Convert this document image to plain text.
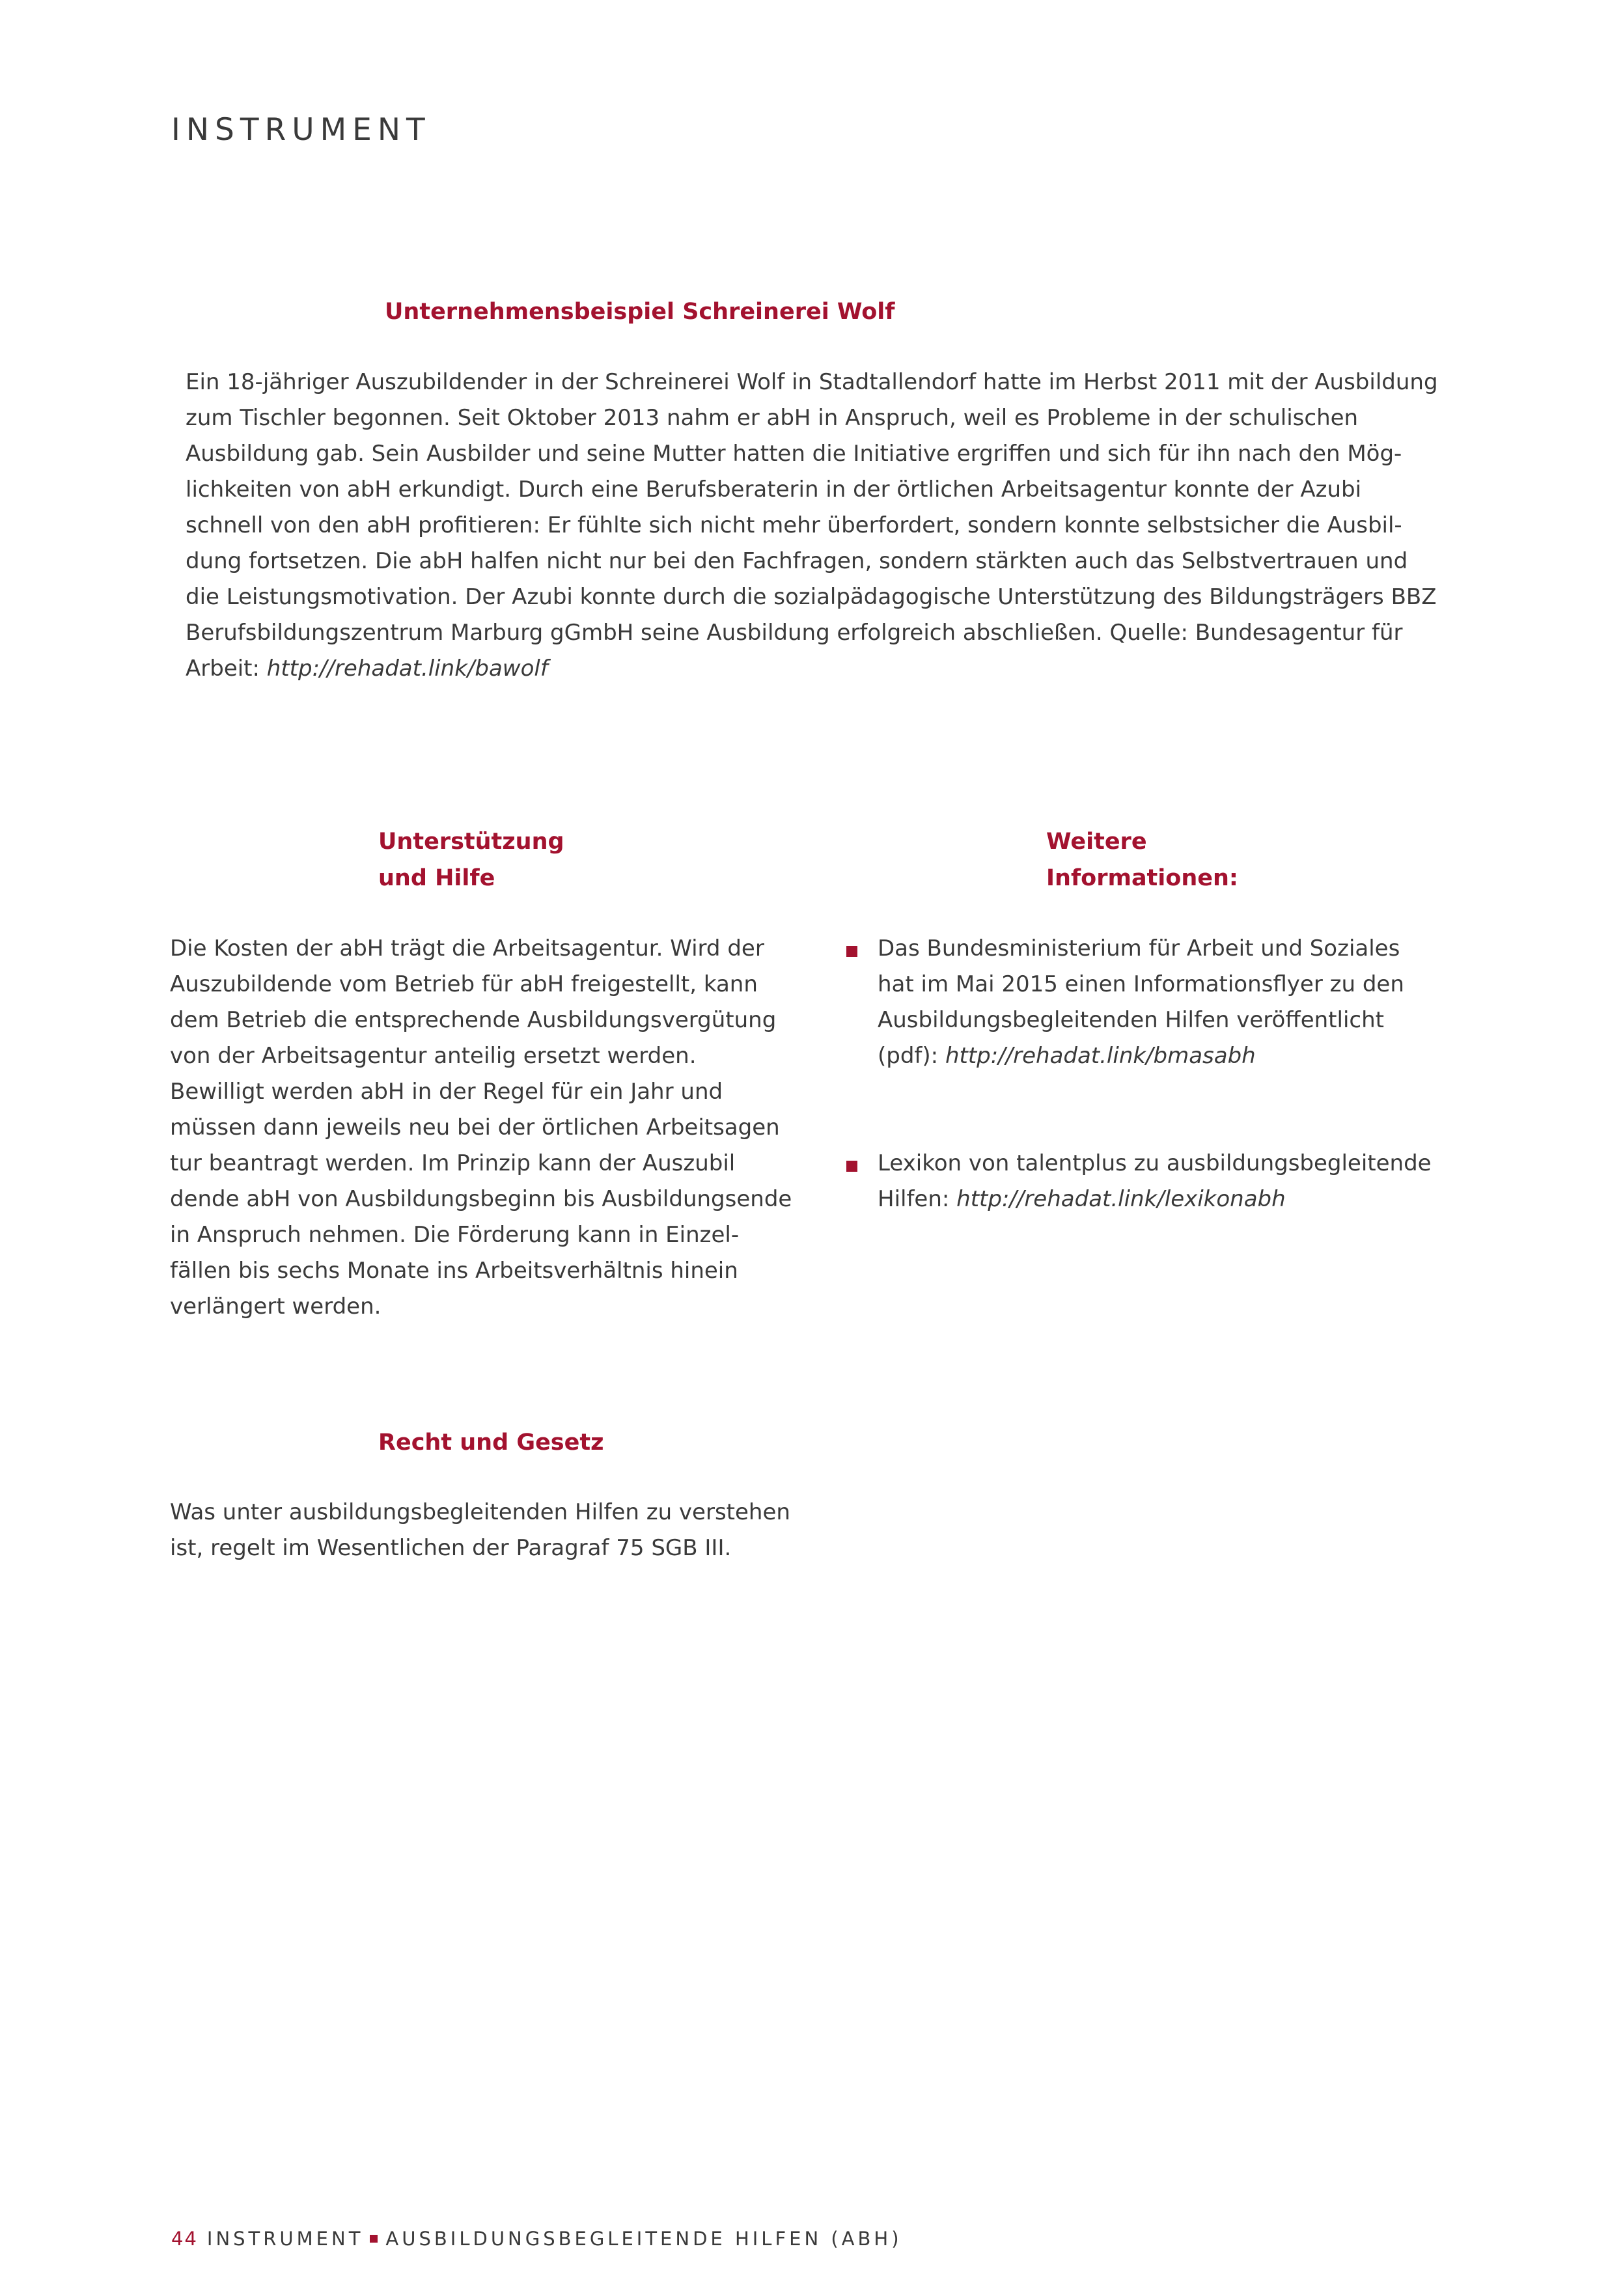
INSTRUMENT
Unternehmensbeispiel Schreinerei Wolf
Ein 18-jähriger Auszubildender in der Schreinerei Wolf in Stadtallendorf hatte im Herbst 2011 mit der Ausbildung
zum Tischler begonnen. Seit Oktober 2013 nahm er abH in Anspruch, weil es Probleme in der schulischen
Ausbildung gab. Sein Ausbilder und seine Mutter hatten die Initiative ergriffen und sich für ihn nach den Mög-
lichkeiten von abH erkundigt. Durch eine Berufsberaterin in der örtlichen Arbeitsagentur konnte der Azubi
schnell von den abH profitieren: Er fühlte sich nicht mehr überfordert, sondern konnte selbstsicher die Ausbil-
dung fortsetzen. Die abH halfen nicht nur bei den Fachfragen, sondern stärkten auch das Selbstvertrauen und
die Leistungsmotivation. Der Azubi konnte durch die sozialpädagogische Unterstützung des Bildungsträgers BBZ
Berufsbildungszentrum Marburg gGmbH seine Ausbildung erfolgreich abschließen. Quelle: Bundesagentur für
Arbeit: http://rehadat.link/bawolf
Unterstützung
und Hilfe
Die Kosten der abH trägt die Arbeitsagentur. Wird der
Auszubildende vom Betrieb für abH freigestellt, kann
dem Betrieb die entsprechende Ausbildungsvergütung
von der Arbeitsagentur anteilig ersetzt werden.
Bewilligt werden abH in der Regel für ein Jahr und
müssen dann jeweils neu bei der örtlichen Arbeitsagen
tur beantragt werden. Im Prinzip kann der Auszubil
dende abH von Ausbildungsbeginn bis Ausbildungsende
in Anspruch nehmen. Die Förderung kann in Einzel-
fällen bis sechs Monate ins Arbeitsverhältnis hinein
verlängert werden.
Weitere
Informationen:
Das Bundesministerium für Arbeit und Soziales
hat im Mai 2015 einen Informationsflyer zu den
Ausbildungsbegleitenden Hilfen veröffentlicht
(pdf): http://rehadat.link/bmasabh
Lexikon von talentplus zu ausbildungsbegleitende
Hilfen: http://rehadat.link/lexikonabh
Recht und Gesetz
Was unter ausbildungsbegleitenden Hilfen zu verstehen
ist, regelt im Wesentlichen der Paragraf 75 SGB III.
44 INSTRUMENT AUSBILDUNGSBEGLEITENDE HILFEN (ABH)
